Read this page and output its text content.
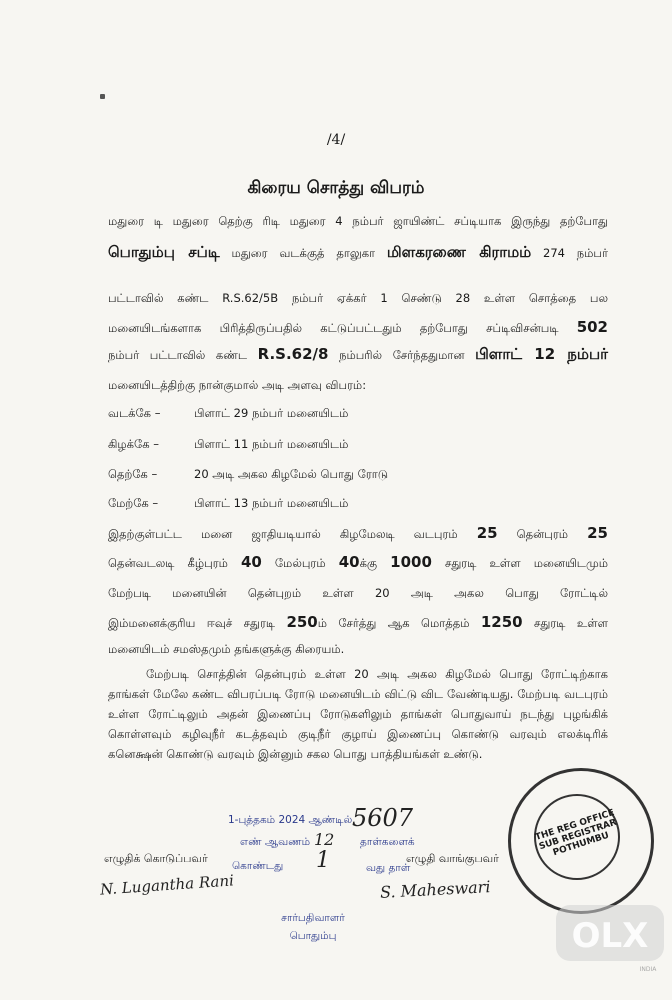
/4/
கிரைய சொத்து விபரம்
மதுரை டி மதுரை தெற்கு ரிடி மதுரை 4 நம்பர் ஜாயிண்ட் சப்டியாக இருந்து தற்போது
பொதும்பு சப்டி மதுரை வடக்குத் தாலுகா மிளகரணை கிராமம் 274 நம்பர்
பட்டாவில் கண்ட R.S.62/5B நம்பர் ஏக்கர் 1 செண்டு 28 உள்ள சொத்தை பல
மனையிடங்களாக பிரித்திருப்பதில் கட்டுப்பட்டதும் தற்போது சப்டிவிசன்படி 502
நம்பர் பட்டாவில் கண்ட R.S.62/8 நம்பரில் சேர்ந்ததுமான பிளாட் 12 நம்பர்
மனையிடத்திற்கு நான்குமால் அடி அளவு விபரம்:
வடக்கே –	பிளாட் 29 நம்பர் மனையிடம்
கிழக்கே –	பிளாட் 11 நம்பர் மனையிடம்
தெற்கே –	20 அடி அகல கிழமேல் பொது ரோடு
மேற்கே –	பிளாட் 13 நம்பர் மனையிடம்
இதற்குள்பட்ட மனை ஜாதியடியால் கிழமேலடி வடபுரம் 25 தென்புரம் 25
தென்வடலடி கீழ்புரம் 40 மேல்புரம் 40க்கு 1000 சதுரடி உள்ள மனையிடமும்
மேற்படி மனையின் தென்புறம் உள்ள 20 அடி அகல பொது ரோட்டில்
இம்மனைக்குரிய ஈவுச் சதுரடி 250ம் சேர்த்து ஆக மொத்தம் 1250 சதுரடி உள்ள
மனையிடம் சமஸ்தமும் தங்களுக்கு கிரையம்.
மேற்படி சொத்தின் தென்புரம் உள்ள 20 அடி அகல கிழமேல் பொது ரோட்டிற்காக தாங்கள் மேலே கண்ட விபரப்படி ரோடு மனையிடம் விட்டு விட வேண்டியது. மேற்படி வடபுரம் உள்ள ரோட்டிலும் அதன் இணைப்பு ரோடுகளிலும் தாங்கள் பொதுவாய் நடந்து புழங்கிக் கொள்ளவும் கழிவுநீர் கடத்தவும் குடிநீர் குழாய் இணைப்பு கொண்டு வரவும் எலக்டிரிக் கனெக்ஷன் கொண்டு வரவும் இன்னும் சகல பொது பாத்தியங்கள் உண்டு.
1-புத்தகம் 2024 ஆண்டில் 5607
எண் ஆவணம் 12 தாள்களைக்
கொண்டது 1	வது தாள்
எழுதிக் கொடுப்பவர்	எழுதி வாங்குபவர்
N. Lugantha Rani	S. Maheswari
சார்பதிவாளர்
பொதும்பு
THE REG OFFICE SUB REGISTRAR POTHUMBU
OLX
INDIA
